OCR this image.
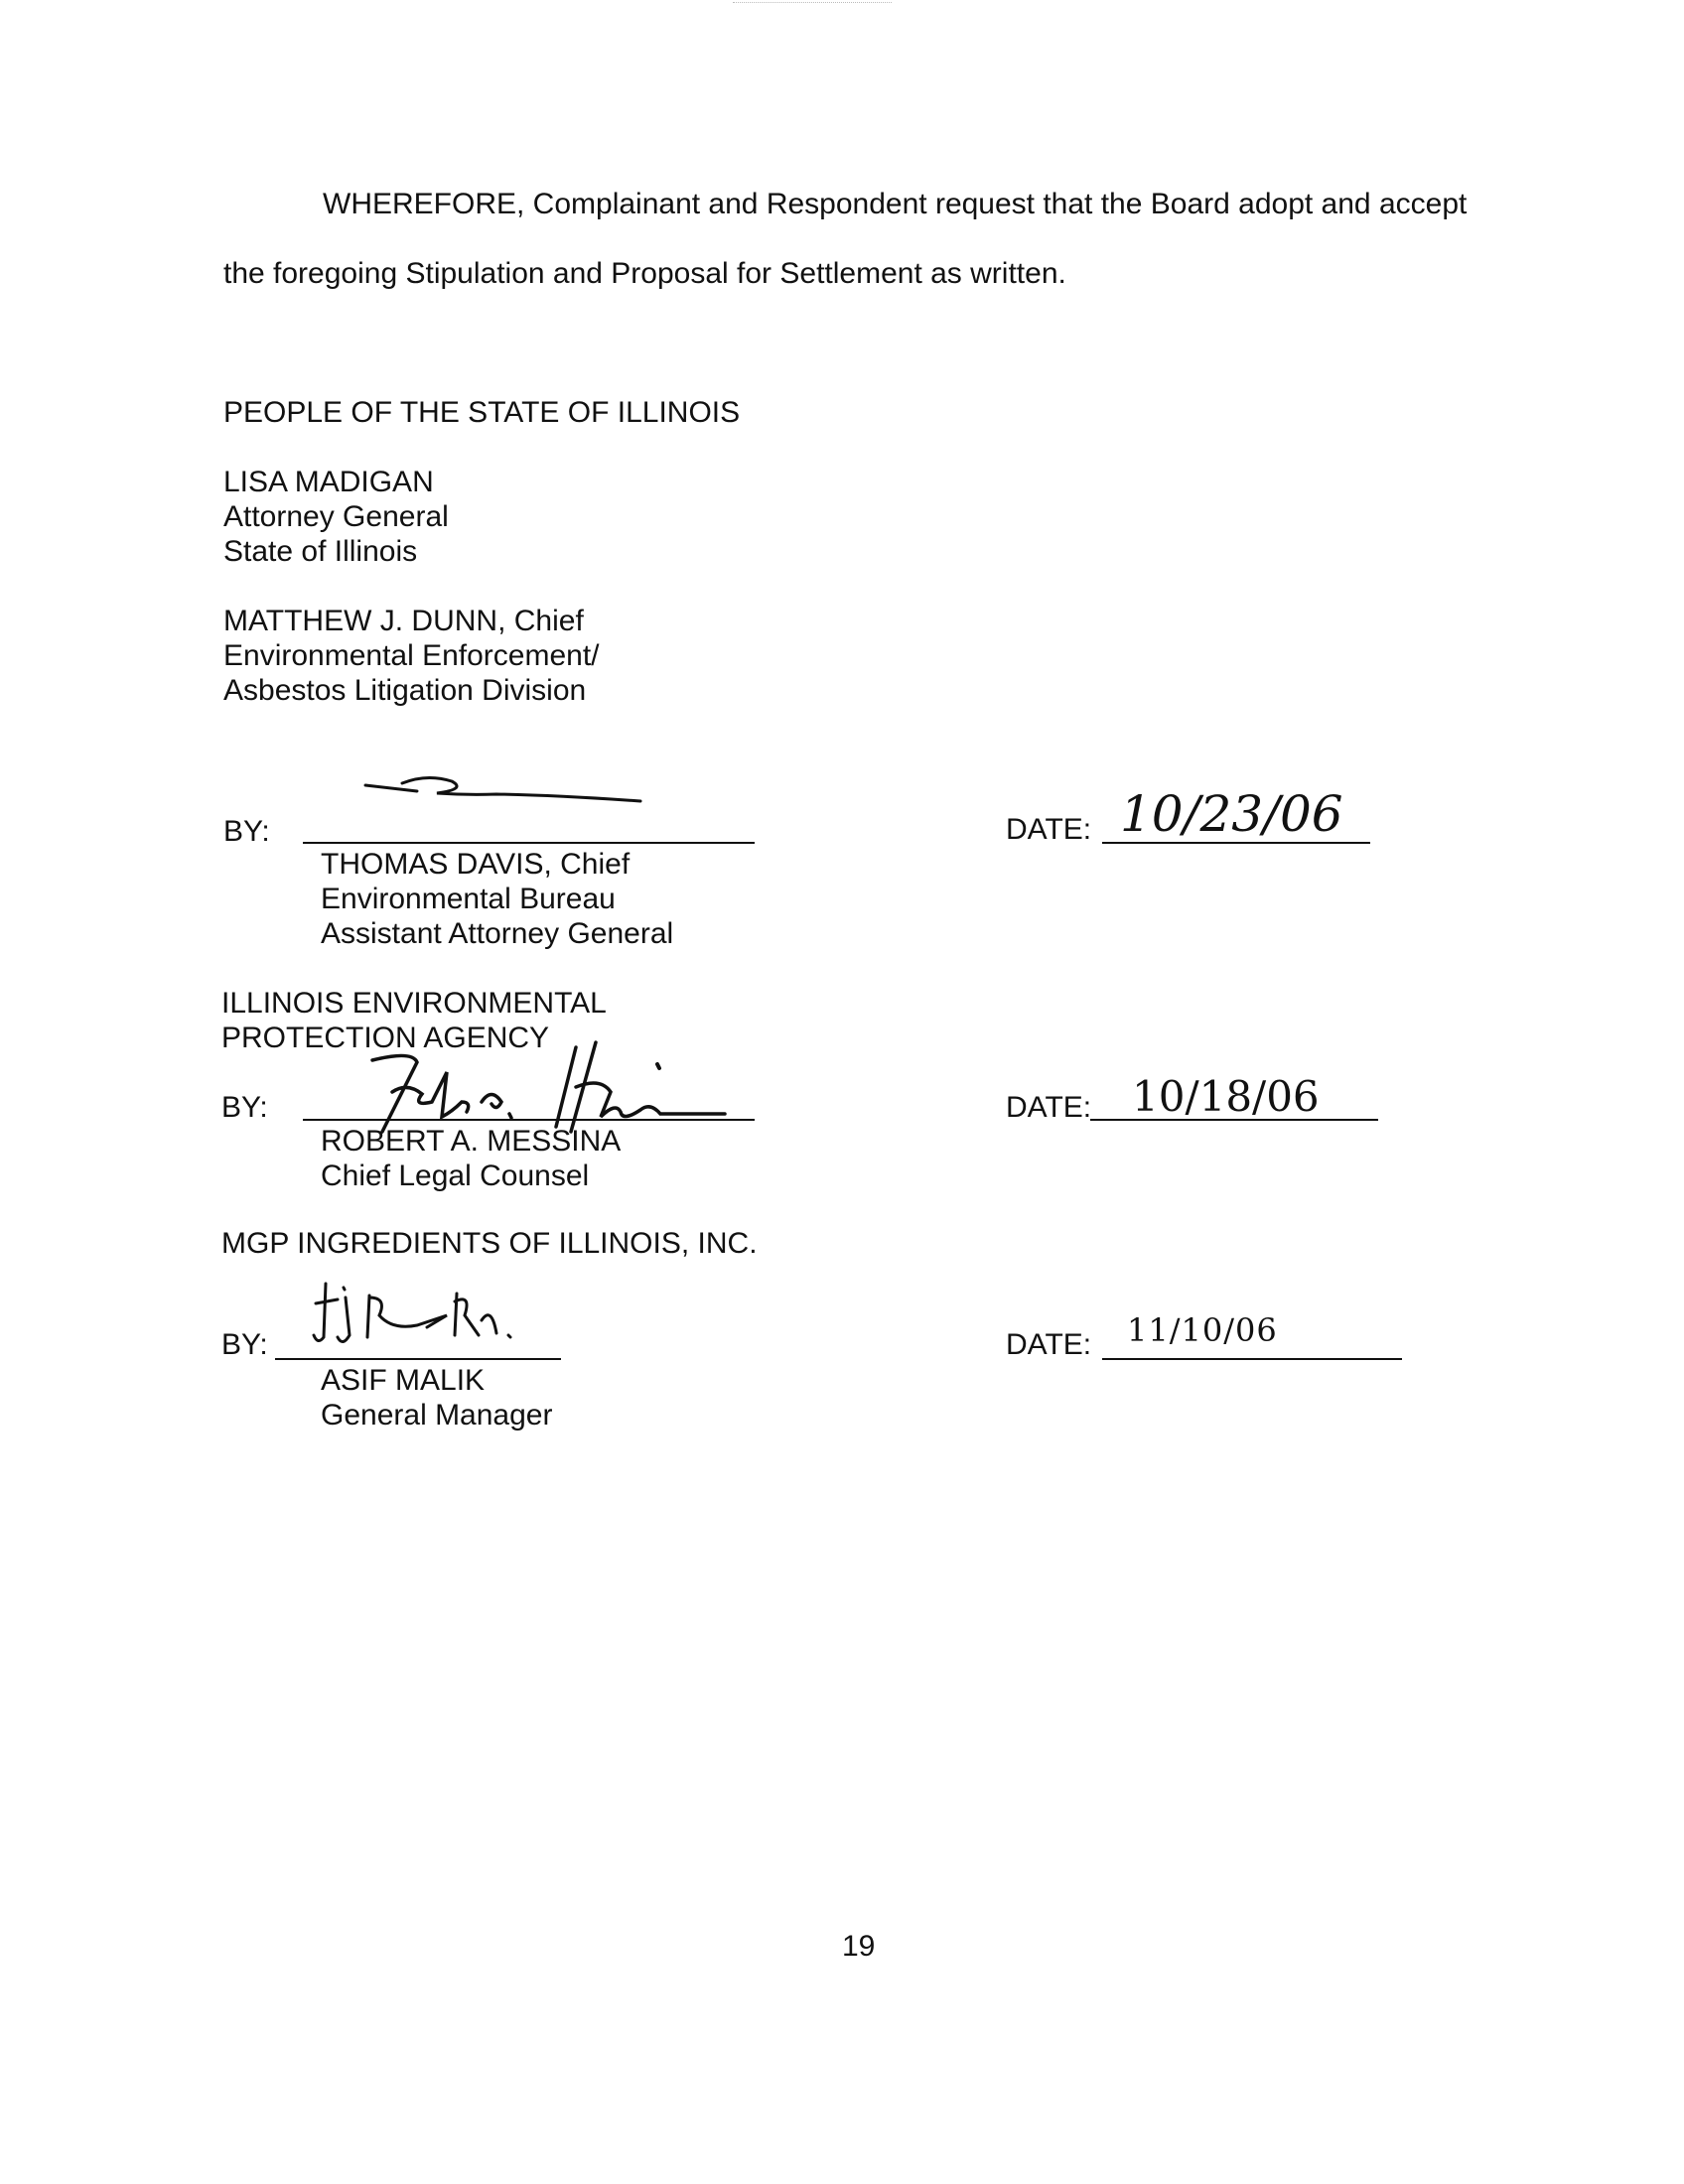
WHEREFORE, Complainant and Respondent request that the Board adopt and accept
the foregoing Stipulation and Proposal for Settlement as written.
PEOPLE OF THE STATE OF ILLINOIS
LISA MADIGAN
Attorney General
State of Illinois
MATTHEW J. DUNN, Chief
Environmental Enforcement/
Asbestos Litigation Division
BY:
THOMAS DAVIS, Chief
Environmental Bureau
Assistant Attorney General
DATE: 10/23/06
ILLINOIS ENVIRONMENTAL
PROTECTION AGENCY
BY:
ROBERT A. MESSINA
Chief Legal Counsel
DATE: 10/18/06
MGP INGREDIENTS OF ILLINOIS, INC.
BY:
ASIF MALIK
General Manager
DATE: 11/10/06
19
